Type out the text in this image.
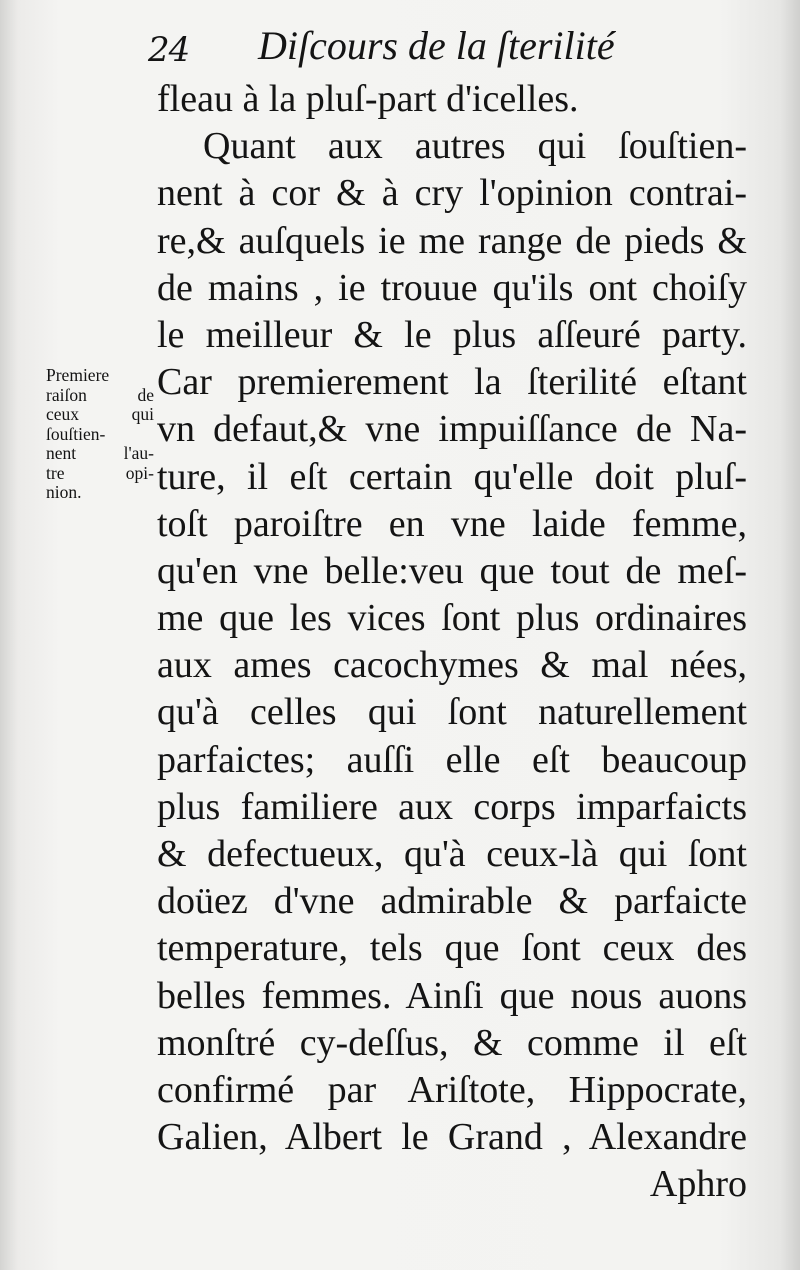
24 Diſcours de la ſterilité
Premiere
raiſon de
ceux qui
ſouſtien-
nent l'au-
tre opi-
nion.
fleau à la pluſ-part d'icelles.
Quant aux autres qui ſouſtien-
nent à cor & à cry l'opinion contrai-
re,& auſquels ie me range de pieds &
de mains , ie trouue qu'ils ont choiſy
le meilleur & le plus aſſeuré party.
Car premierement la ſterilité eſtant
vn defaut,& vne impuiſſance de Na-
ture, il eſt certain qu'elle doit pluſ-
toſt paroiſtre en vne laide femme,
qu'en vne belle:veu que tout de meſ-
me que les vices ſont plus ordinaires
aux ames cacochymes & mal nées,
qu'à celles qui ſont naturellement
parfaictes; auſſi elle eſt beaucoup
plus familiere aux corps imparfaicts
& defectueux, qu'à ceux-là qui ſont
doüez d'vne admirable & parfaicte
temperature, tels que ſont ceux des
belles femmes. Ainſi que nous auons
monſtré cy-deſſus, & comme il eſt
confirmé par Ariſtote, Hippocrate,
Galien, Albert le Grand , Alexandre
Aphro
